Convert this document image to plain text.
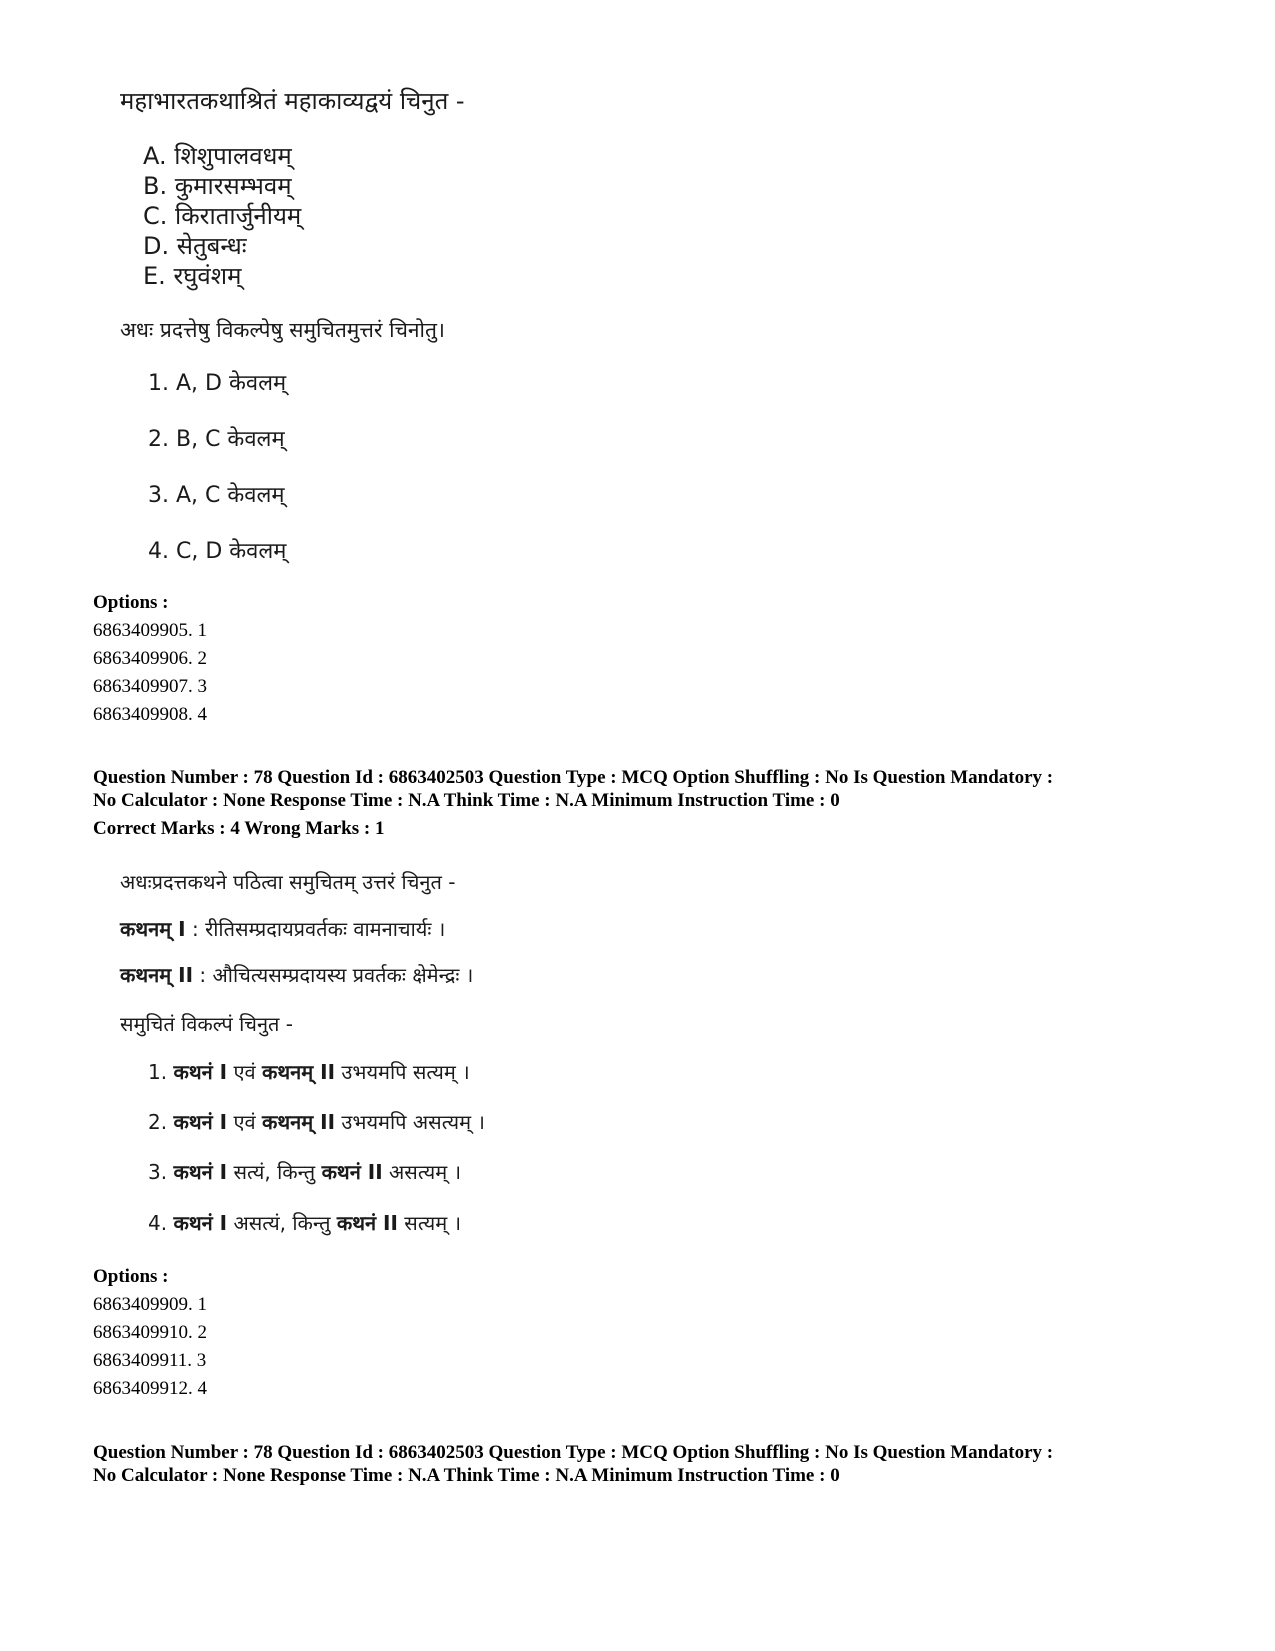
महाभारतकथाश्रितं महाकाव्यद्वयं चिनुत -
A. शिशुपालवधम्
B. कुमारसम्भवम्
C. किरातार्जुनीयम्
D. सेतुबन्धः
E. रघुवंशम्
अधः प्रदत्तेषु विकल्पेषु समुचितमुत्तरं चिनोतु।
1. A, D केवलम्
2. B, C केवलम्
3. A, C केवलम्
4. C, D केवलम्
Options :
6863409905. 1
6863409906. 2
6863409907. 3
6863409908. 4
Question Number : 78 Question Id : 6863402503 Question Type : MCQ Option Shuffling : No Is Question Mandatory :
No Calculator : None Response Time : N.A Think Time : N.A Minimum Instruction Time : 0
Correct Marks : 4 Wrong Marks : 1
अधःप्रदत्तकथने पठित्वा समुचितम् उत्तरं चिनुत -
कथनम् I : रीतिसम्प्रदायप्रवर्तकः वामनाचार्यः ।
कथनम् II : औचित्यसम्प्रदायस्य प्रवर्तकः क्षेमेन्द्रः ।
समुचितं विकल्पं चिनुत -
1. कथनं I एवं कथनम् II उभयमपि सत्यम् ।
2. कथनं I एवं कथनम् II उभयमपि असत्यम् ।
3. कथनं I सत्यं, किन्तु कथनं II असत्यम् ।
4. कथनं I असत्यं, किन्तु कथनं II सत्यम् ।
Options :
6863409909. 1
6863409910. 2
6863409911. 3
6863409912. 4
Question Number : 78 Question Id : 6863402503 Question Type : MCQ Option Shuffling : No Is Question Mandatory :
No Calculator : None Response Time : N.A Think Time : N.A Minimum Instruction Time : 0
